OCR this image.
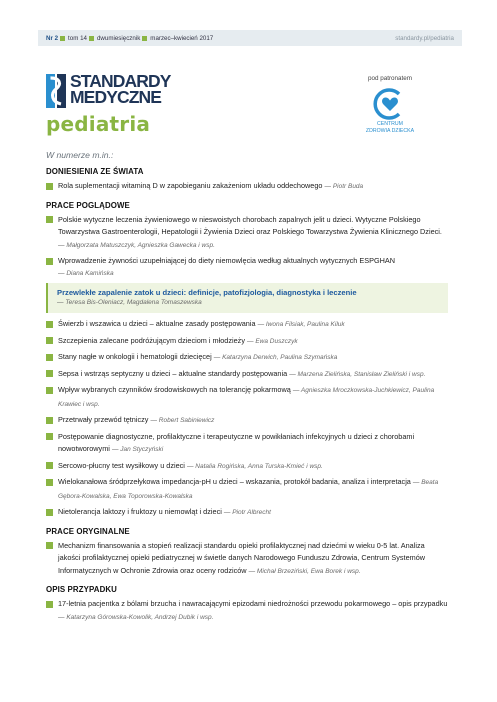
Nr 2 tom 14 dwumiesięcznik marzec–kwiecień 2017	standardy.pl/pediatria
STANDARDY
MEDYCZNE
pediatria
pod patronatem
CENTRUM
ZDROWIA DZIECKA
W numerze m.in.:
DONIESIENIA ZE ŚWIATA
Rola suplementacji witaminą D w zapobieganiu zakażeniom układu oddechowego — Piotr Buda
PRACE POGLĄDOWE
Polskie wytyczne leczenia żywieniowego w nieswoistych chorobach zapalnych jelit u dzieci. Wytyczne Polskiego Towarzystwa Gastroenterologii, Hepatologii i Żywienia Dzieci oraz Polskiego Towarzystwa Żywienia Klinicznego Dzieci. — Małgorzata Matuszczyk, Agnieszka Gawecka i wsp.
Wprowadzenie żywności uzupełniającej do diety niemowlęcia według aktualnych wytycznych ESPGHAN
— Diana Kamińska
Przewlekłe zapalenie zatok u dzieci: definicje, patofizjologia, diagnostyka i leczenie
— Teresa Bis-Oleniacz, Magdalena Tomaszewska
Świerzb i wszawica u dzieci – aktualne zasady postępowania — Iwona Filsiak, Paulina Kiluk
Szczepienia zalecane podróżującym dzieciom i młodzieży — Ewa Duszczyk
Stany nagłe w onkologii i hematologii dziecięcej — Katarzyna Derwich, Paulina Szymańska
Sepsa i wstrząs septyczny u dzieci – aktualne standardy postępowania — Marzena Zielińska, Stanisław Zieliński i wsp.
Wpływ wybranych czynników środowiskowych na tolerancję pokarmową — Agnieszka Mroczkowska-Juchkiewicz, Paulina Krawiec i wsp.
Przetrwały przewód tętniczy — Robert Sabiniewicz
Postępowanie diagnostyczne, profilaktyczne i terapeutyczne w powikłaniach infekcyjnych u dzieci z chorobami nowotworowymi — Jan Styczyński
Sercowo-płucny test wysiłkowy u dzieci — Natalia Rogińska, Anna Turska-Kmieć i wsp.
Wielokanałowa śródprzełykowa impedancja-pH u dzieci – wskazania, protokół badania, analiza i interpretacja — Beata Gębora-Kowalska, Ewa Toporowska-Kowalska
Nietolerancja laktozy i fruktozy u niemowląt i dzieci — Piotr Albrecht
PRACE ORYGINALNE
Mechanizm finansowania a stopień realizacji standardu opieki profilaktycznej nad dziećmi w wieku 0-5 lat. Analiza jakości profilaktycznej opieki pediatrycznej w świetle danych Narodowego Funduszu Zdrowia, Centrum Systemów Informatycznych w Ochronie Zdrowia oraz oceny rodziców — Michał Brzeziński, Ewa Borek i wsp.
OPIS PRZYPADKU
17-letnia pacjentka z bólami brzucha i nawracającymi epizodami niedrożności przewodu pokarmowego – opis przypadku — Katarzyna Górowska-Kowolik, Andrzej Dubik i wsp.
